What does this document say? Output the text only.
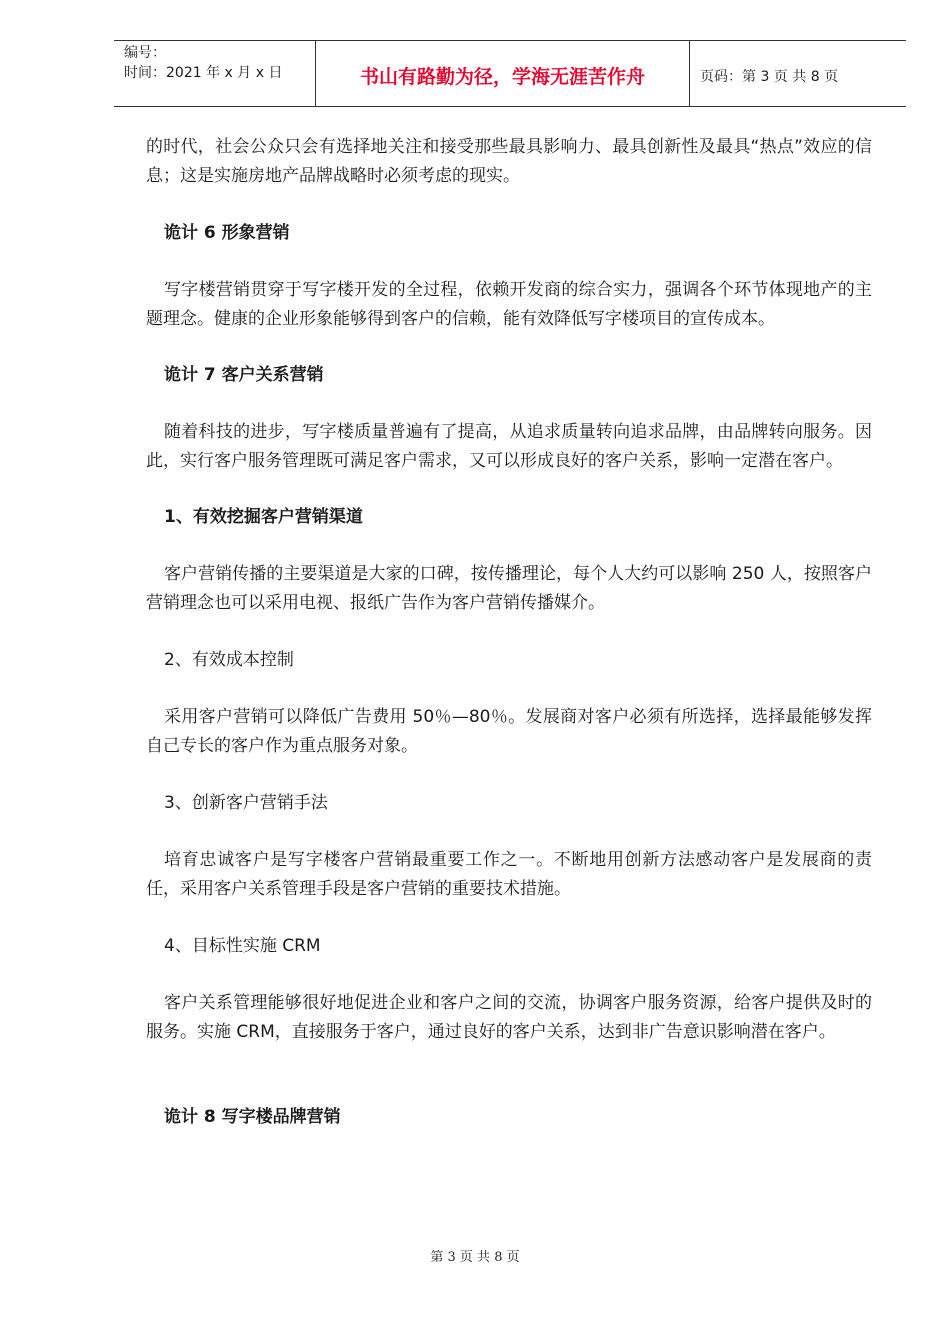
编号：
时间：2021 年 x 月 x 日	书山有路勤为径，学海无涯苦作舟	页码：第 3 页 共 8 页

的时代，社会公众只会有选择地关注和接受那些最具影响力、最具创新性及最具“热点”效应的信息；这是实施房地产品牌战略时必须考虑的现实。

诡计 6 形象营销

写字楼营销贯穿于写字楼开发的全过程，依赖开发商的综合实力，强调各个环节体现地产的主题理念。健康的企业形象能够得到客户的信赖，能有效降低写字楼项目的宣传成本。

诡计 7 客户关系营销

随着科技的进步，写字楼质量普遍有了提高，从追求质量转向追求品牌，由品牌转向服务。因此，实行客户服务管理既可满足客户需求，又可以形成良好的客户关系，影响一定潜在客户。

1、有效挖掘客户营销渠道

客户营销传播的主要渠道是大家的口碑，按传播理论，每个人大约可以影响 250 人，按照客户营销理念也可以采用电视、报纸广告作为客户营销传播媒介。

2、有效成本控制

采用客户营销可以降低广告费用 50％—80％。发展商对客户必须有所选择，选择最能够发挥自己专长的客户作为重点服务对象。

3、创新客户营销手法

培育忠诚客户是写字楼客户营销最重要工作之一。不断地用创新方法感动客户是发展商的责任，采用客户关系管理手段是客户营销的重要技术措施。

4、目标性实施 CRM

客户关系管理能够很好地促进企业和客户之间的交流，协调客户服务资源，给客户提供及时的服务。实施 CRM，直接服务于客户，通过良好的客户关系，达到非广告意识影响潜在客户。

诡计 8 写字楼品牌营销

第 3 页 共 8 页
